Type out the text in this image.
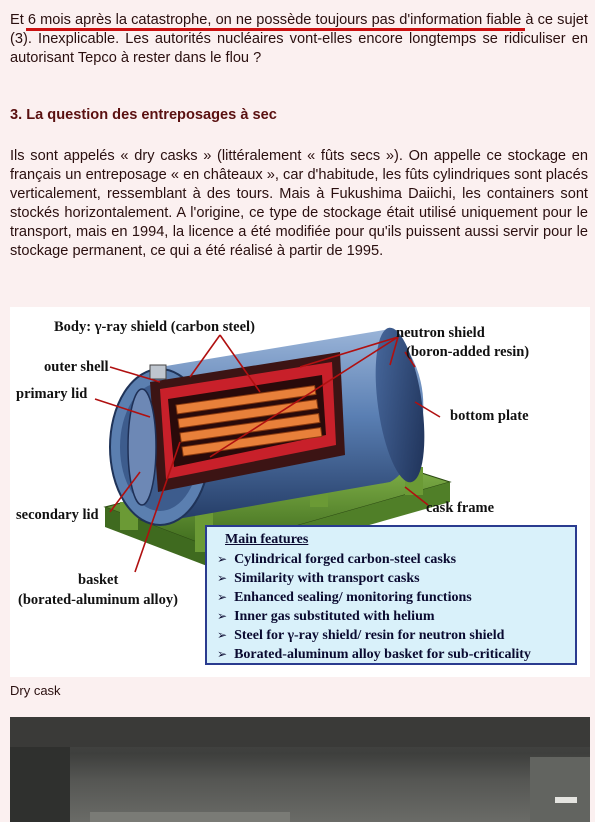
Et 6 mois après la catastrophe, on ne possède toujours pas d'information fiable à ce sujet (3). Inexplicable. Les autorités nucléaires vont-elles encore longtemps se ridiculiser en autorisant Tepco à rester dans le flou ?

3. La question des entreposages à sec

Ils sont appelés « dry casks » (littéralement « fûts secs »). On appelle ce stockage en français un entreposage « en châteaux », car d'habitude, les fûts cylindriques sont placés verticalement, ressemblant à des tours. Mais à Fukushima Daiichi, les containers sont stockés horizontalement. A l'origine, ce type de stockage était utilisé uniquement pour le transport, mais en 1994, la licence a été modifiée pour qu'ils puissent aussi servir pour le stockage permanent, ce qui a été réalisé à partir de 1995.

Body: γ-ray shield (carbon steel)	neutron shield
(boron-added resin)
outer shell
primary lid
bottom plate
secondary lid	cask frame
basket
(borated-aluminum alloy)
Main features
➢ Cylindrical forged carbon-steel casks
➢ Similarity with transport casks
➢ Enhanced sealing/ monitoring functions
➢ Inner gas substituted with helium
➢ Steel for γ-ray shield/ resin for neutron shield
➢ Borated-aluminum alloy basket for sub-criticality

Dry cask
